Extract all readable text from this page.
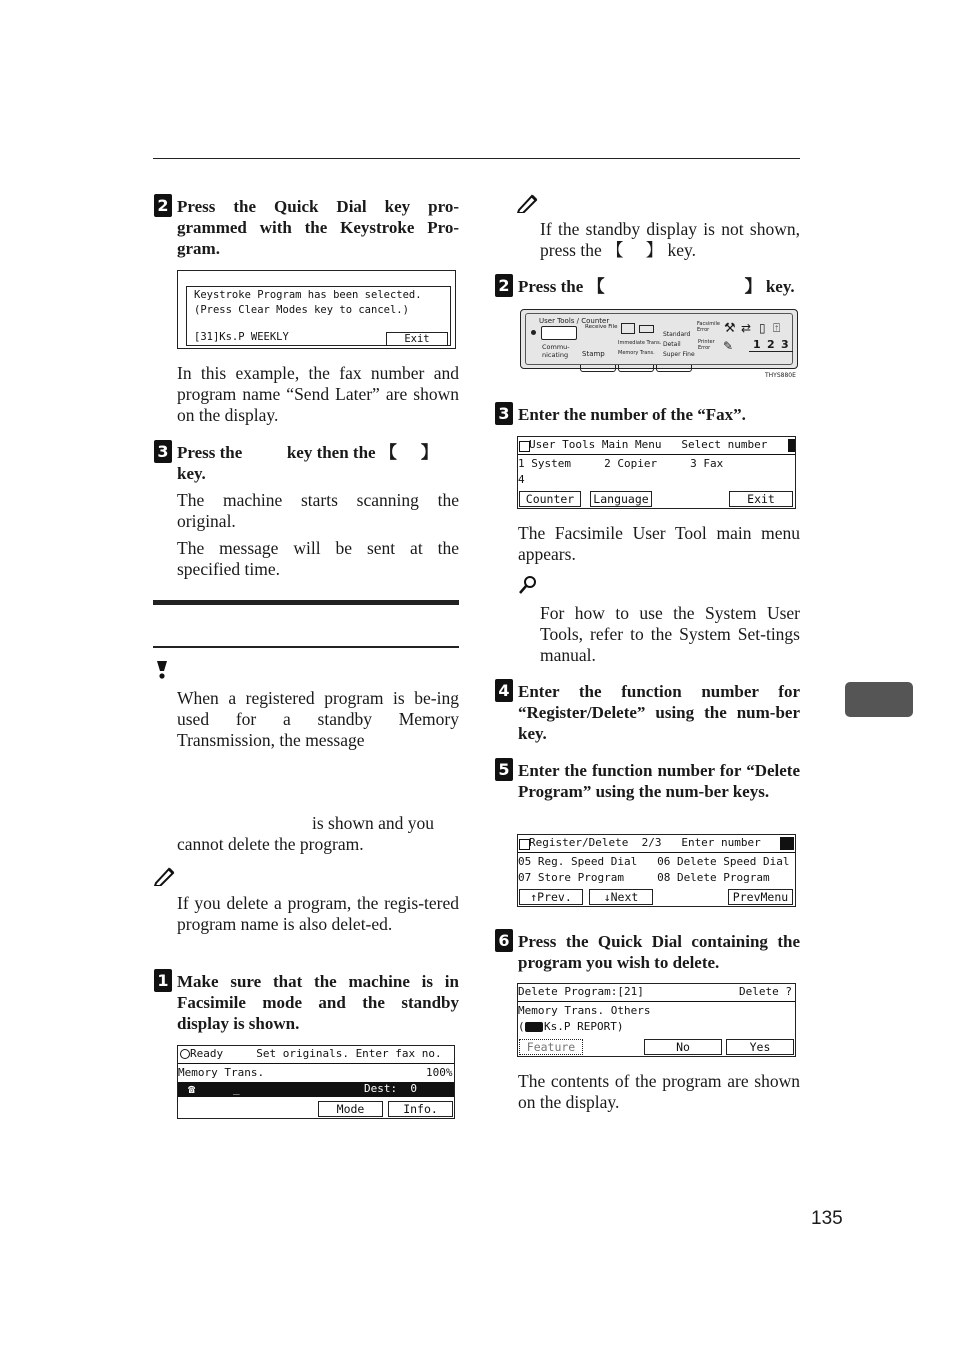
2 Press the Quick Dial key pro-grammed with the Keystroke Pro-gram.
Keystroke Program has been selected.
(Press Clear Modes key to cancel.)
[31]Ks.P WEEKLY	Exit
In this example, the fax number and program name “Send Later” are shown on the display.
3 Press the	key then the 【 】
key.
The machine starts scanning the original.
The message will be sent at the specified time.
When a registered program is be-ing used for a standby Memory Transmission, the message
is shown and you
cannot delete the program.
If you delete a program, the regis-tered program name is also delet-ed.
1 Make sure that the machine is in Facsimile mode and the standby display is shown.
Ready     Set originals. Enter fax no.
Memory Trans.	100%
☎	_	Dest:  0
Mode	Info.
If the standby display is not shown, press the 【 】 key.
2 Press the 【	】 key.
User Tools / Counter
Receive File
Commu-nicating	Stamp
Immediate Trans.
Memory Trans.
Standard
Detail
Super Fine
Facsimile Error
Printer Error
⚒ ⇄ ▯ ⍐
✎ 1 2 3
THYS880E
3 Enter the number of the “Fax”.
User Tools Main Menu   Select number
1 System     2 Copier     3 Fax
4
Counter	Language	Exit
The Facsimile User Tool main menu appears.
For how to use the System User Tools, refer to the System Set-tings manual.
4 Enter the function number for “Register/Delete” using the num-ber key.
5 Enter the function number for “Delete Program” using the num-ber keys.
Register/Delete  2/3   Enter number
05 Reg. Speed Dial   06 Delete Speed Dial
07 Store Program     08 Delete Program
↑Prev.	↓Next	PrevMenu
6 Press the Quick Dial containing the program you wish to delete.
Delete Program:[21]	Delete ?
Memory Trans. Others
( Ks.P REPORT)
Feature	No	Yes
The contents of the program are shown on the display.
135
